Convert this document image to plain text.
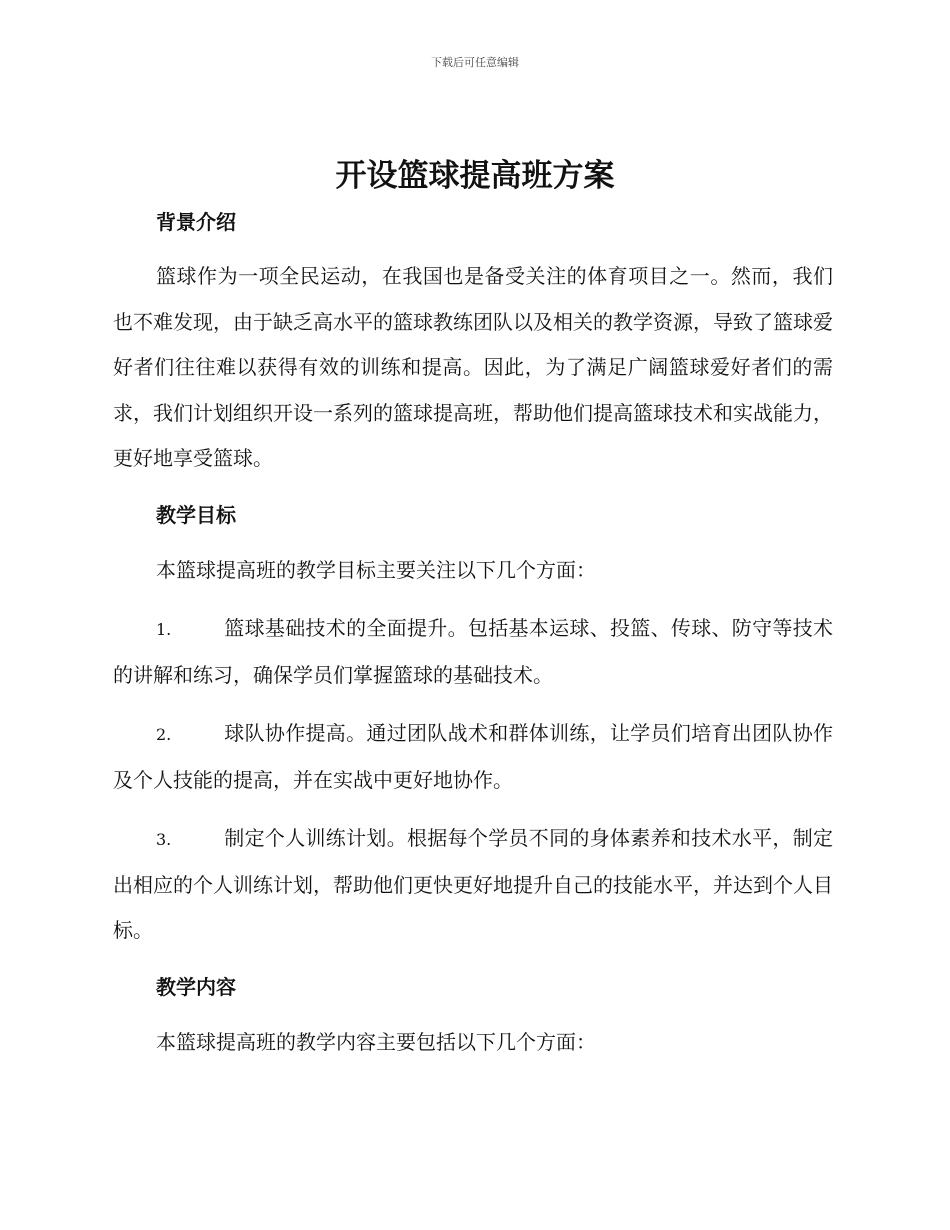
下载后可任意编辑
开设篮球提高班方案
背景介绍

篮球作为一项全民运动，在我国也是备受关注的体育项目之一。然而，我们也不难发现，由于缺乏高水平的篮球教练团队以及相关的教学资源，导致了篮球爱好者们往往难以获得有效的训练和提高。因此，为了满足广阔篮球爱好者们的需求，我们计划组织开设一系列的篮球提高班，帮助他们提高篮球技术和实战能力，更好地享受篮球。

教学目标

本篮球提高班的教学目标主要关注以下几个方面：

1.	篮球基础技术的全面提升。包括基本运球、投篮、传球、防守等技术的讲解和练习，确保学员们掌握篮球的基础技术。

2.	球队协作提高。通过团队战术和群体训练，让学员们培育出团队协作及个人技能的提高，并在实战中更好地协作。

3.	制定个人训练计划。根据每个学员不同的身体素养和技术水平，制定出相应的个人训练计划，帮助他们更快更好地提升自己的技能水平，并达到个人目标。

教学内容

本篮球提高班的教学内容主要包括以下几个方面：
